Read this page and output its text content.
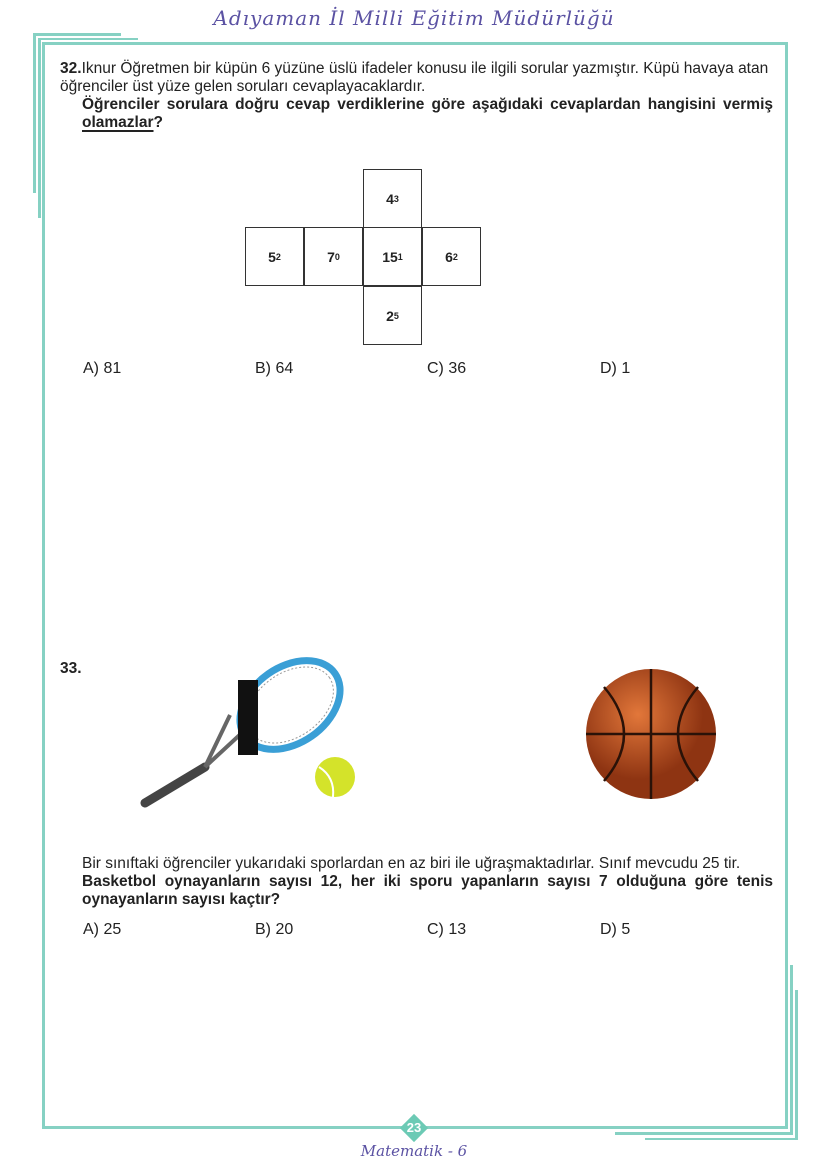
Adıyaman İl Milli Eğitim Müdürlüğü
32.Iknur Öğretmen bir küpün 6 yüzüne üslü ifadeler konusu ile ilgili sorular yazmıştır. Küpü havaya atan öğrenciler üst yüze gelen soruları cevaplayacaklardır.
Öğrenciler sorulara doğru cevap verdiklerine göre aşağıdaki cevaplardan hangisini vermiş olamazlar?
4 3
5 2	7 0	15 1	6 2
2 5
A) 81	B) 64	C) 36	D) 1
33.
Bir sınıftaki öğrenciler yukarıdaki sporlardan en az biri ile uğraşmaktadırlar. Sınıf mevcudu 25 tir.
Basketbol oynayanların sayısı 12, her iki sporu yapanların sayısı 7 olduğuna göre tenis oynayanların sayısı kaçtır?
A) 25	B) 20	C) 13	D) 5
23
Matematik - 6
